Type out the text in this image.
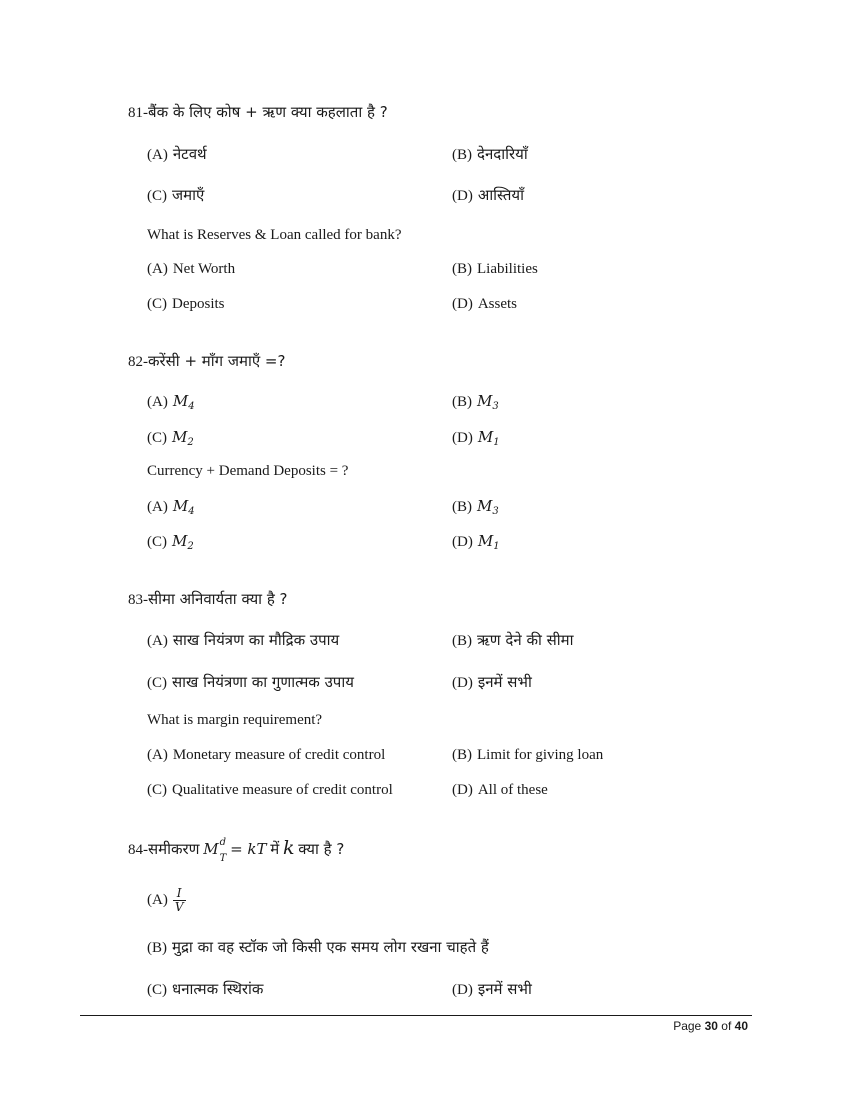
81-बैंक के लिए कोष + ऋण क्या कहलाता है ?
(A) नेटवर्थ	(B) देनदारियाँ
(C) जमाएँ	(D) आस्तियाँ
What is Reserves & Loan called for bank?
(A) Net Worth	(B) Liabilities
(C) Deposits	(D) Assets
82-करेंसी + माँग जमाएँ =?
(A) $M_4$	(B) $M_3$
(C) $M_2$	(D) $M_1$
Currency + Demand Deposits = ?
(A) $M_4$	(B) $M_3$
(C) $M_2$	(D) $M_1$
83-सीमा अनिवार्यता क्या है ?
(A) साख नियंत्रण का मौद्रिक उपाय	(B) ऋण देने की सीमा
(C) साख नियंत्रणा का गुणात्मक उपाय	(D) इनमें सभी
What is margin requirement?
(A) Monetary measure of credit control	(B) Limit for giving loan
(C) Qualitative measure of credit control	(D) All of these
84-समीकरण M d
$_T$ = kT में k क्या है ?
$(A) \frac{I}{V}$
(B) मुद्रा का वह स्टॉक जो किसी एक समय लोग रखना चाहते हैं
(C) धनात्मक स्थिरांक	(D) इनमें सभी
Page 30 of 40
